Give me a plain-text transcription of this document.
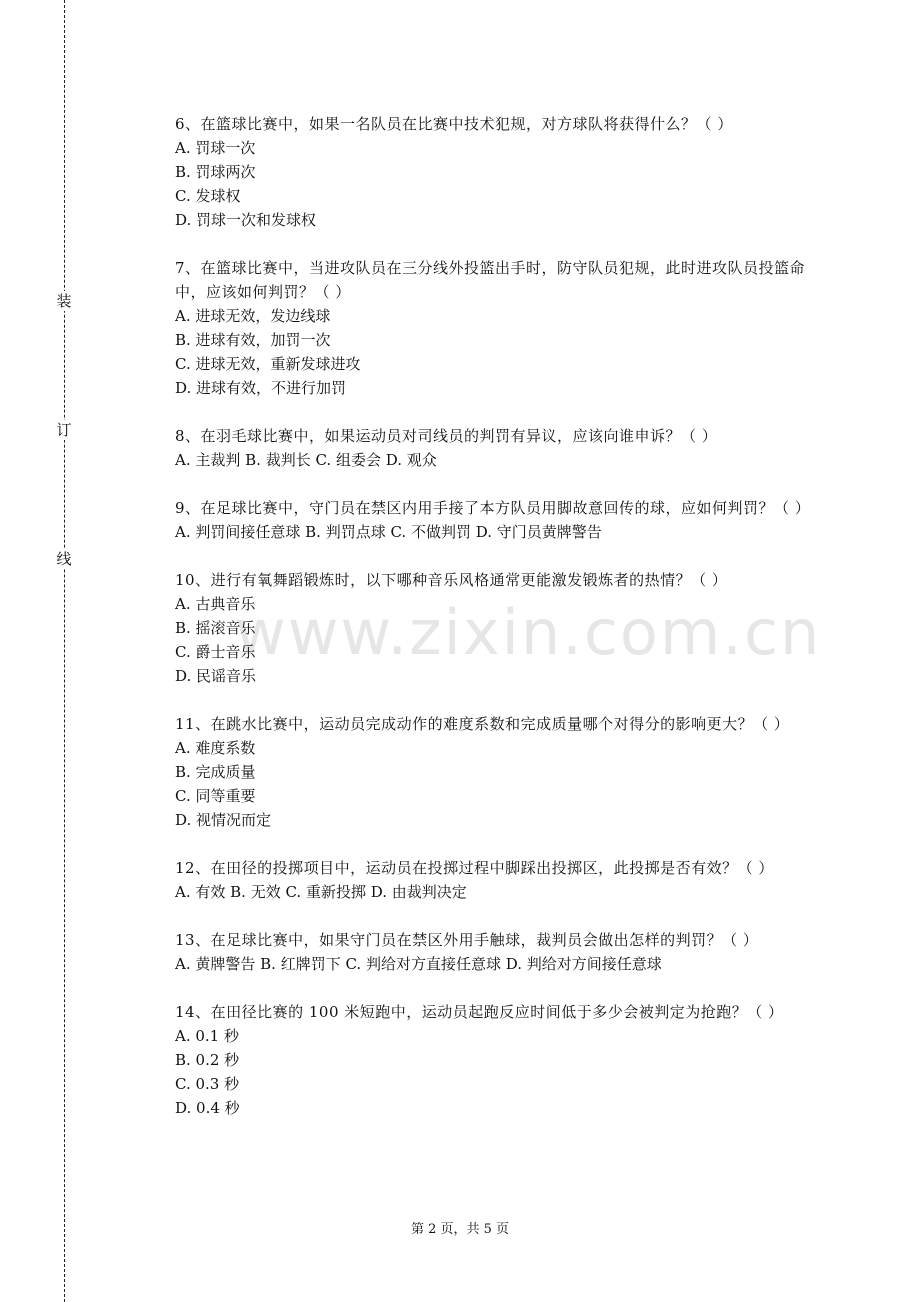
装
订
线
www.zixin.com.cn

6、在篮球比赛中，如果一名队员在比赛中技术犯规，对方球队将获得什么？（ ）

A. 罚球一次

B. 罚球两次

C. 发球权

D. 罚球一次和发球权

7、在篮球比赛中，当进攻队员在三分线外投篮出手时，防守队员犯规，此时进攻队员投篮命中，应该如何判罚？（ ）

A. 进球无效，发边线球

B. 进球有效，加罚一次

C. 进球无效，重新发球进攻

D. 进球有效，不进行加罚

8、在羽毛球比赛中，如果运动员对司线员的判罚有异议，应该向谁申诉？（ ）

A. 主裁判 B. 裁判长 C. 组委会 D. 观众

9、在足球比赛中，守门员在禁区内用手接了本方队员用脚故意回传的球，应如何判罚？（ ）

A. 判罚间接任意球 B. 判罚点球 C. 不做判罚 D. 守门员黄牌警告

10、进行有氧舞蹈锻炼时，以下哪种音乐风格通常更能激发锻炼者的热情？（ ）

A. 古典音乐

B. 摇滚音乐

C. 爵士音乐

D. 民谣音乐

11、在跳水比赛中，运动员完成动作的难度系数和完成质量哪个对得分的影响更大？（ ）

A. 难度系数

B. 完成质量

C. 同等重要

D. 视情况而定

12、在田径的投掷项目中，运动员在投掷过程中脚踩出投掷区，此投掷是否有效？（ ）

A. 有效 B. 无效 C. 重新投掷 D. 由裁判决定

13、在足球比赛中，如果守门员在禁区外用手触球，裁判员会做出怎样的判罚？（ ）

A. 黄牌警告 B. 红牌罚下 C. 判给对方直接任意球 D. 判给对方间接任意球

14、在田径比赛的 100 米短跑中，运动员起跑反应时间低于多少会被判定为抢跑？（ ）

A. 0.1 秒

B. 0.2 秒

C. 0.3 秒

D. 0.4 秒

第 2 页，共 5 页
